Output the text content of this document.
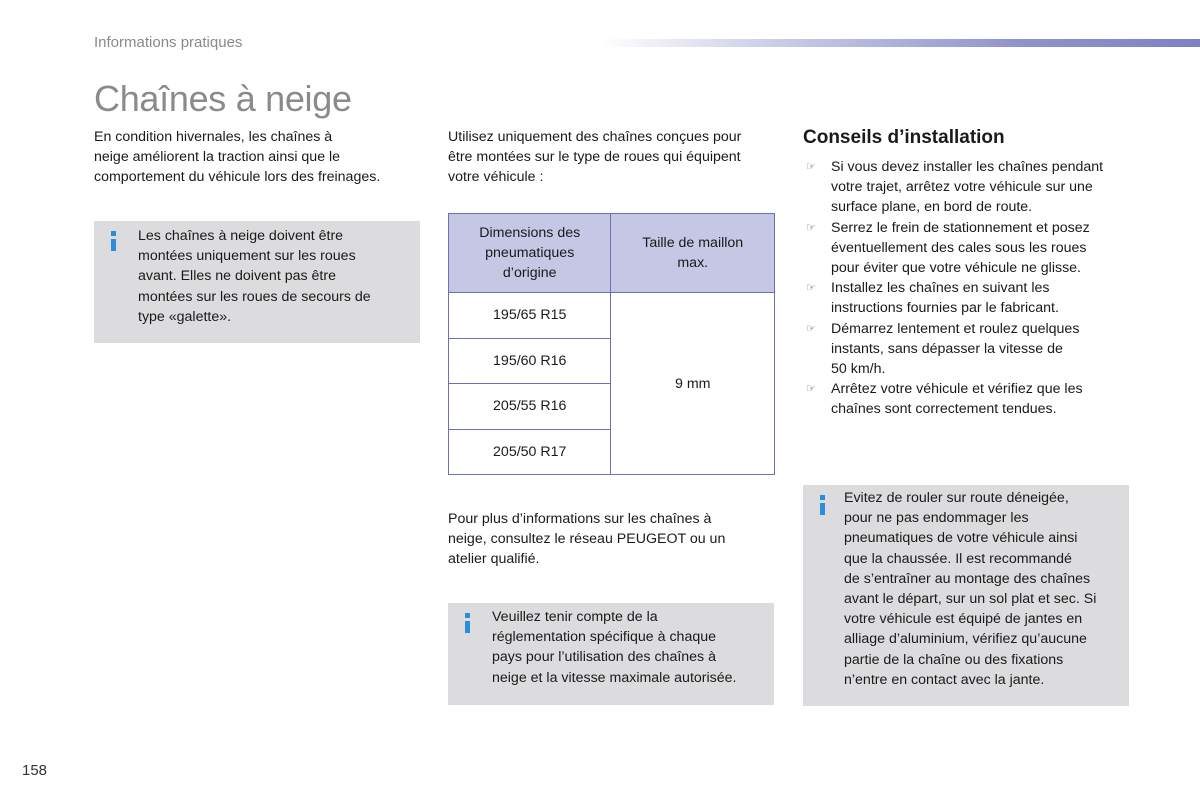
Informations pratiques
Chaînes à neige

En condition hivernales, les chaînes à
neige améliorent la traction ainsi que le
comportement du véhicule lors des freinages.

Les chaînes à neige doivent être
montées uniquement sur les roues
avant. Elles ne doivent pas être
montées sur les roues de secours de
type «galette».

Utilisez uniquement des chaînes conçues pour
être montées sur le type de roues qui équipent
votre véhicule :

Dimensions des pneumatiques d’origine	Taille de maillon max.
195/65 R15	9 mm
195/60 R16	
205/55 R16	
205/50 R17	

Pour plus d’informations sur les chaînes à
neige, consultez le réseau PEUGEOT ou un
atelier qualifié.

Veuillez tenir compte de la
réglementation spécifique à chaque
pays pour l’utilisation des chaînes à
neige et la vitesse maximale autorisée.

Conseils d’installation
☞ Si vous devez installer les chaînes pendant
votre trajet, arrêtez votre véhicule sur une
surface plane, en bord de route.
☞ Serrez le frein de stationnement et posez
éventuellement des cales sous les roues
pour éviter que votre véhicule ne glisse.
☞ Installez les chaînes en suivant les
instructions fournies par le fabricant.
☞ Démarrez lentement et roulez quelques
instants, sans dépasser la vitesse de
50 km/h.
☞ Arrêtez votre véhicule et vérifiez que les
chaînes sont correctement tendues.

Evitez de rouler sur route déneigée,
pour ne pas endommager les
pneumatiques de votre véhicule ainsi
que la chaussée. Il est recommandé
de s’entraîner au montage des chaînes
avant le départ, sur un sol plat et sec. Si
votre véhicule est équipé de jantes en
alliage d’aluminium, vérifiez qu’aucune
partie de la chaîne ou des fixations
n’entre en contact avec la jante.

158
